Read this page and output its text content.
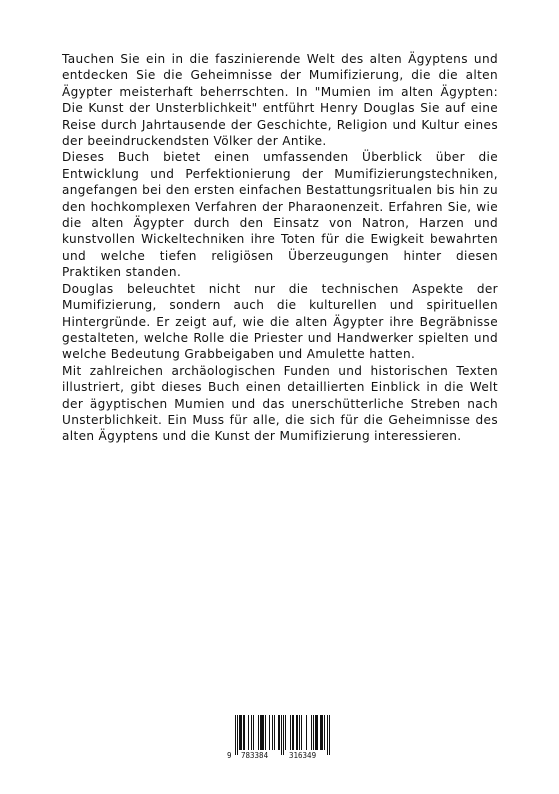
Tauchen Sie ein in die faszinierende Welt des alten Ägyptens und entdecken Sie die Geheimnisse der Mumifizierung, die die alten Ägypter meisterhaft beherrschten. In "Mumien im alten Ägypten: Die Kunst der Unsterblichkeit" entführt Henry Douglas Sie auf eine Reise durch Jahrtausende der Geschichte, Religion und Kultur eines der beeindruckendsten Völker der Antike.

Dieses Buch bietet einen umfassenden Überblick über die Entwicklung und Perfektionierung der Mumifizierungstechniken, angefangen bei den ersten einfachen Bestattungsritualen bis hin zu den hochkomplexen Verfahren der Pharaonenzeit. Erfahren Sie, wie die alten Ägypter durch den Einsatz von Natron, Harzen und kunstvollen Wickeltechniken ihre Toten für die Ewigkeit bewahrten und welche tiefen religiösen Überzeugungen hinter diesen Praktiken standen.

Douglas beleuchtet nicht nur die technischen Aspekte der Mumifizierung, sondern auch die kulturellen und spirituellen Hintergründe. Er zeigt auf, wie die alten Ägypter ihre Begräbnisse gestalteten, welche Rolle die Priester und Handwerker spielten und welche Bedeutung Grabbeigaben und Amulette hatten.

Mit zahlreichen archäologischen Funden und historischen Texten illustriert, gibt dieses Buch einen detaillierten Einblick in die Welt der ägyptischen Mumien und das unerschütterliche Streben nach Unsterblichkeit. Ein Muss für alle, die sich für die Geheimnisse des alten Ägyptens und die Kunst der Mumifizierung interessieren.

9 783384	316349
